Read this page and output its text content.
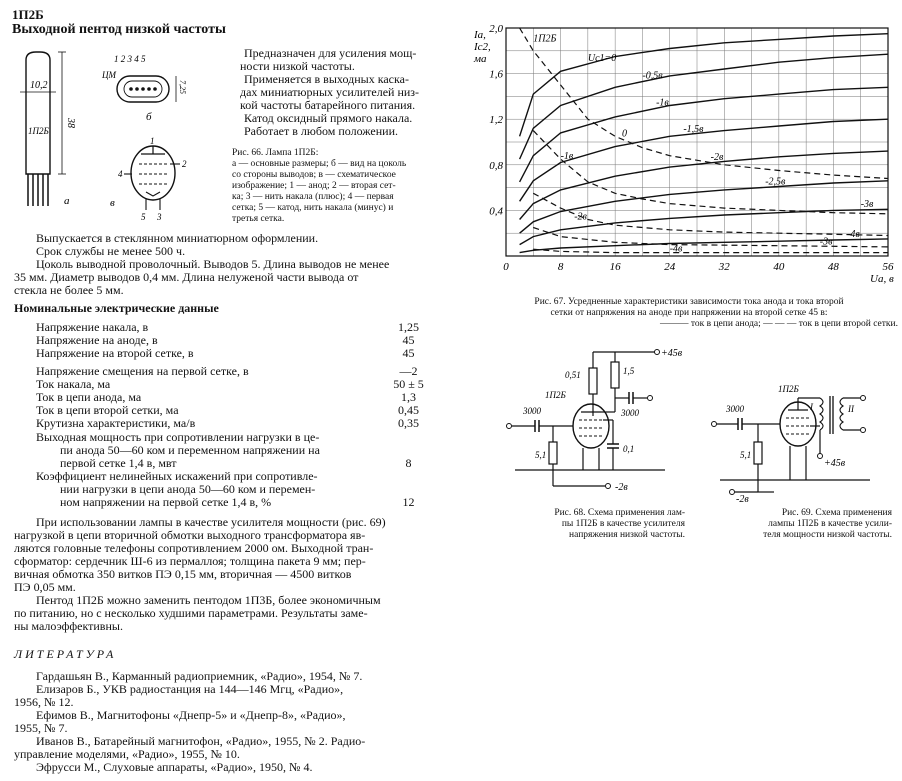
1П2Б
Выходной пентод низкой частоты
10,2
38
1П2Б
а
1 2 3 4 5
ЦМ
7,25
б
1
4
2
5 3
в
Предназначен для усиления мощ-
ности низкой частоты.
Применяется в выходных каска-
дах миниатюрных усилителей низ-
кой частоты батарейного питания.
Катод оксидный прямого накала.
Работает в любом положении.
Рис. 66. Лампа 1П2Б:
а — основные размеры; б — вид на цоколь
со стороны выводов; в — схематическое
изображение; 1 — анод; 2 — вторая сет-
ка; 3 — нить накала (плюс); 4 — первая
сетка; 5 — катод, нить накала (минус) и
третья сетка.
Выпускается в стеклянном миниатюрном оформлении.
Срок службы не менее 500 ч.
Цоколь выводной проволочный. Выводов 5. Длина выводов не менее
35 мм. Диаметр выводов 0,4 мм. Длина нелуженой части вывода от
стекла не более 5 мм.
Номинальные электрические данные
Напряжение накала, в	1,25
Напряжение на аноде, в	45
Напряжение на второй сетке, в	45
Напряжение смещения на первой сетке, в	—2
Ток накала, ма	50 ± 5
Ток в цепи анода, ма	1,3
Ток в цепи второй сетки, ма	0,45
Крутизна характеристики, ма/в	0,35
Выходная мощность при сопротивлении нагрузки в це-
пи анода 50—60 ком и переменном напряжении на
первой сетке 1,4 в, мвт	8
Коэффициент нелинейных искажений при сопротивле-
нии нагрузки в цепи анода 50—60 ком и перемен-
ном напряжении на первой сетке 1,4 в, %	12
При использовании лампы в качестве усилителя мощности (рис. 69)
нагрузкой в цепи вторичной обмотки выходного трансформатора яв-
ляются головные телефоны сопротивлением 2000 ом. Выходной тран-
сформатор: сердечник Ш-6 из пермаллоя; толщина пакета 9 мм; пер-
вичная обмотка 350 витков ПЭ 0,15 мм, вторичная — 4500 витков
ПЭ 0,05 мм.
Пентод 1П2Б можно заменить пентодом 1П3Б, более экономичным
по питанию, но с несколько худшими параметрами. Результаты заме-
ны малоэффективны.
ЛИТЕРАТУРА
Гардашьян В., Карманный радиоприемник, «Радио», 1954, № 7.
Елизаров Б., УКВ радиостанция на 144—146 Мгц, «Радио»,
1956, № 12.
Ефимов В., Магнитофоны «Днепр-5» и «Днепр-8», «Радио»,
1955, № 7.
Иванов В., Батарейный магнитофон, «Радио», 1955, № 2. Радио-
управление моделями, «Радио», 1955, № 10.
Эфрусси М., Слуховые аппараты, «Радио», 1950, № 4.
0	8	16	24	32	40	48	56
0,4
0,8
1,2
1,6
2,0
Ia,
Ic2,
ма
Ua, в
1П2Б
Uc1=0
-0,5в
-1в
-1,5в
-2в
-2,5в
-3в
-4в
0
-1в
-2в
-3в
-4в
Рис. 67. Усредненные характеристики зависимости тока анода и тока второй
сетки от напряжения на аноде при напряжении на второй сетке 45 в:
——— ток в цепи анода; — — — ток в цепи второй сетки.
+45в
0,51	1,5
1П2Б
3000
0,1
3000
5,1
-2в
Рис. 68. Схема применения лам-
пы 1П2Б в качестве усилителя
напряжения низкой частоты.
1П2Б
I	II
+45в
3000
5,1
-2в
Рис. 69. Схема применения
лампы 1П2Б в качестве усили-
теля мощности низкой частоты.
